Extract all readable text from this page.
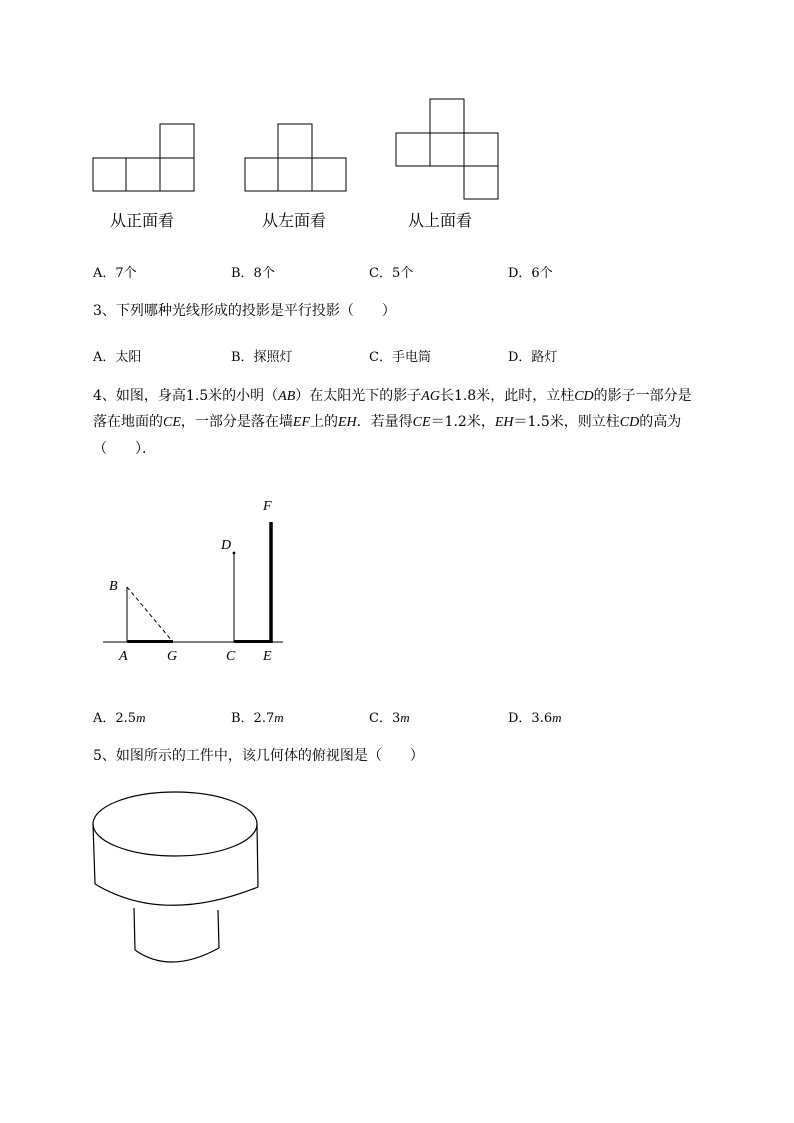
从正面看	从左面看	从上面看
A．7个	B．8个	C．5个	D．6个
3、下列哪种光线形成的投影是平行投影（　　）
A．太阳	B．探照灯	C．手电筒	D．路灯
4、如图，身高1.5米的小明（AB）在太阳光下的影子AG长1.8米，此时，立柱CD的影子一部分是
落在地面的CE，一部分是落在墙EF上的EH．若量得CE＝1.2米，EH＝1.5米，则立柱CD的高为
（　　）．
B
A	G
D
C E
F
A．2.5m	B．2.7m	C．3m	D．3.6m
5、如图所示的工件中，该几何体的俯视图是（　　）
